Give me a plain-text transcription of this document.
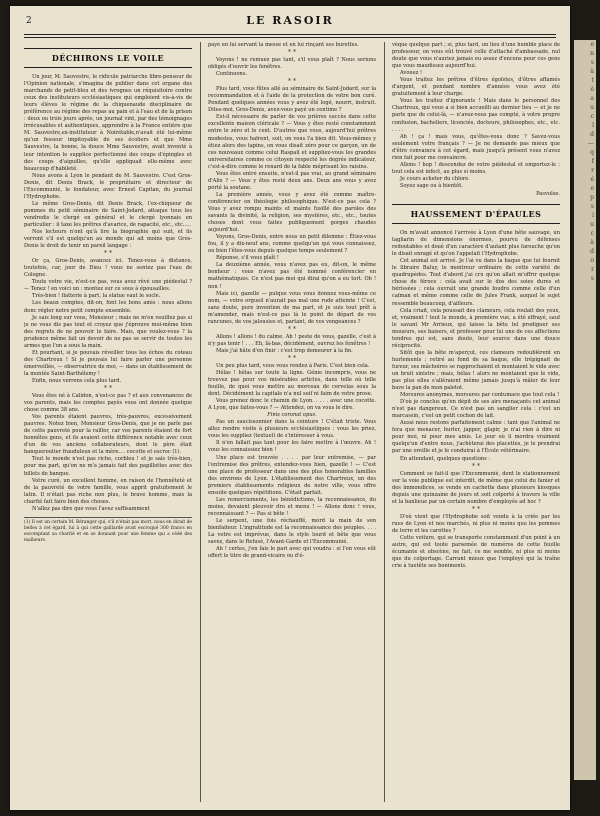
2	LE RASOIR
DÉCHIRONS LE VOILE

Un jour, M. Sauvestre, le ridicule patriarche libre-penseur de l'Opinion nationale, s'imagina de publier dans cet organe des marchands de petit-bleu et des ivrognes un réquisitoire contre ceux des instituteurs ecclésiastiques qui emploient vis-à-vis de leurs élèves le régime de la chiquenaude disciplinaire de préférence au régime des repas au pain et à l'eau et de la prison : deux ou trois jours après, un journal vint, par des témoignages irrécusables et authentiques, apprendre à la France entière que M. Sauvestre,ex-instituteur à Noirétable,n'avait été lui-même qu'un fesseur impitoyable de ses écoliers et que Mme Sauvestre, la bonne, la douce Mme Sauvestre, avait inventé à leur intention le supplice perfectionné des coups d'épingles et des coups d'aiguilles, qu'elle appliquait elle-même avec beaucoup d'habileté.

Nous avons à Lyon le pendant de M. Sauvestre. C'est Gros-Denis, dit Denis Brack, le propriétaire et directeur de l'Excommunié, le fondateur, avec Ernest Capitan, du journal l'Hydrophobe.

Le même Gros-Denis, dit Denis Brack, l'ex-chiqueur de pommes du petit séminaire de Saint-Jodard, attaque tous les vendredis le clergé en général et le clergé lyonnais en particulier : il taxe les prêtres d'avarice, de rapacité, etc., etc.....

Nos lecteurs n'ont qu'à lire la biographie qui suit, et ils verront s'il est quelqu'un au monde qui ait moins que Gros-Denis le droit de tenir un pareil langage :

* *

Or ça, Gros-Denis, avancez ici. Tenez-vous à distance, toutefois, car, jour de Dieu ! vous ne sentez pas l'eau de Cologne.

Toute votre vie, n'est-ce pas, vous avez rêvé une piédestal ? — Tenez ! en voici un : montez sur ce sous à épousailles.

Très-bien ! flatterie à part, la statue vaut le socle.

Les beaux comptes, dit-on, font les bons amis : nous allons donc régler notre petit compte ensemble.

Je sais long sur vous, Monsieur ; mais ne m'en veuillez pas si je ne vous dis pas tout et croyez que j'éprouve moi-même bien des regrets de ne pouvoir le faire. Mais, que voulez-vous ? la prudence même fait un devoir de ne pas se servir de toutes les armes que l'on a sous la main.

Et pourtant, si je pouvais réveiller tous les échos du coteau des Chartreux ! Si je pouvais lui faire parler une personne émerveillée, — observatrice de moi, — dans un établissement de la montée Saint-Barthélemy !

Enfin, nous verrons cela plus tard.

* *

Vous êtes né à Calidon, n'est-ce pas ? et aux convenances de vos parents, mais les comptes payés vous ont donnée quelque chose comme 38 ans.

Vos parents étaient pauvres, très-pauvres, excessivement pauvres. Notez bien, Monsieur Gros-Denis, que je ne parle pas de cette pauvreté pour la railler, car vos parents étaient de fort honnêtes gens, et ils avaient cette différence notable avec ceux d'un de vos anciens collaborateurs, dont le père était banqueroutier frauduleux et la mère.... cocotte et escroc (1).

Tout le monde n'est pas riche, corbleu ! et je sais très-bien, pour ma part, qu'on ne m'a jamais fait des papillottes avec des billets de banque.

Votre curé, un excellent homme, en raison de l'honnêteté et de la pauvreté de votre famille, vous apprit gratuitement le latin. Il n'était pas riche non plus, le brave homme, mais la charité fait faire bien des choses.

N'allez pas dire que vous l'avez suffisamment

(1) Il est un certain M. Béranger qui, s'il n'était pas mort, nous en dirait de belles à cet égard, lui à qui cette gaillarde avait escroqué 300 francs en escomptant sa charité et en se donnant pour une femme qui a cédé des malheurs.

payé en lui servant la messe et en lui rinçant ses burettes.

* *

Voyons ! ne remuez pas tant, s'il vous plaît ? Nous serions obligés d'ouvrir les fenêtres.

Continuons.

* *

Plus tard, vous fûtes allé au séminaire de Saint-Jodard, sur la recommandation et à l'aide de la protection de votre bon curé. Pendant quelques années vous y avez été logé, nourri, instruit. Dites-moi, Gros-Denis, avez-vous payé un centime ?

Est-il nécessaire de parler de vos prières succès dans cette excellente maison cléricale ? — Vous y êtes resté constamment entre le zéro et le cent. D'autres que vous, aujourd'hui prêtres modestes, vous haïrent, soit, on vous l'a bien dit. Vous-mêmes y étiez alors des tapins, on vous disait zéro pour ce garçon, un de ces nouveaux comme celui Raspail et suppliez-vous les grandes universitaires comme ce citoyen respecté les degrés indicateur, c'est-à-dire comme le renard de la fable méprisant les raisins.

Vous êtes entré ensuite, n'est-il pas vrai, au grand séminaire d'Alix ? — Vous y êtes resté deux ans. Deux ans vous y avez porté la soutane.

La première année, vous y avez été comme maître-conférencier en théologie philosophique. N'est-ce pas cela ? Vous y avez rompu maints et maints fusillé des paroles des savants la divinité, la religion, ses mystères, etc., etc., toutes choses dont vous faites publiquement gorges chaudes aujourd'hui.

Voyons, Gros-Denis, entre nous un petit dilemme : Étiez-vous fou, il y a dix-neuf ans, comme quelqu'un qui vous connaissez, ou bien l'êtes-vous depuis quelque temps seulement ?

Réponse, s'il vous plaît !

La deuxième année, vous n'avez pas eu, dit-on, le même bonheur : vous n'avez pas été nommé conférencier en mathématiques. Ce n'est pas moi qui dirai qu'on a eu tort. Oh ! non !

Mais ici, gazelle — pulque vous vous donnez vous-même ce nom, — votre orgueil n'aurait pas mal une rude atteinte ! C'est, sans doute, pure invention de ma part, et je suis tout prêt à m'amender, mais n'est-ce pas là le point de départ de vos rancunes, de vos jalousies et, partant, de vos vengeances ?

* *

Allons ! allons ! du calme. Ah ! peste de vous, gazelle, c'est à n'y pas tenir ! . . . Eh, là-bas, décidément, ouvrez les fenêtres !

Mais j'ai hâte d'en finir : c'est trop demeurer à la fin.

* *

Un peu plus tard, vous vous rendez à Paris. C'est bien cela.

Hélas ! hélas sur toute la ligne. Génie incompris, vous ne trouvez pas pour vos misérables articles, dans telle où telle feuille, de quoi vous mettre au morceau de cervelas sous la dent. Décidément la capitale n'a nul soif ni faim de votre prose.

Vous prenez donc le chemin de Lyon. . . . . avec une cocotte. A Lyon, que faites-vous ? — Attendez, on va vous le dire.

Finis coronat opus.

Pas un saucissonnier dans la ceinture ! C'était triste. Vous allez rendre visite à plusieurs ecclésiastiques : vous les priez, vous les suppliez (textuel) de s'intéresser à vous.

Il n'en fallait pas tant pour les faire mettre à l'œuvre. Ah ! vous les connaissiez bien !

Une place est trouvée . . . . par leur entremise, — par l'entremise des prêtres, entendez-vous bien, gazelle ! — C'est une place de professeur dans une des plus honorables familles des environs de Lyon. L'établissement des Chartreux, un des premiers établissements religieux de notre ville, vous offre ensuite quelques répétitions. C'était parfait.

Les remerciements, les bénédictions, la reconnaissance, du moins, devaient pleuvoir dru et menu ! — Allons donc ! vous, reconnaissant ? — Pas si bête !

Le serpent, une fois réchauffé, mord la main de son bienfaiteur. L'ingratitude est la reconnaissance des peuples. . . . La votre est imprévue, dans le style lourd et bête que vous savez, dans le Refusé, l'Avant-Garde et l'Excommunié.

Ah ! certes, j'en fais le pari avec qui voudra : si l'on vous eût offert le titre de grand-vicaire ou d'é-

vêque quelque part ; si, plus tard, un lieu d'une humble place de professeur, on vous eût trouvé celle d'attaché d'ambassade, nul doute que vous n'auriez jamais eu assez d'encens pour ces gens que vous maudissez aujourd'hui.

Avouez !

Vous traitez les prêtres d'êtres égoïstes, d'êtres affamés d'argent, et pendant nombre d'années vous avez été gratuitement à leur charge.

Vous les traitez d'ignorants ! Mais dans le personnel des Chartreux, qui vous a si bien accueilli au dernier lieu — et je ne parle que de celui-là, — n'avez-vous pas compté, à votre propre confusion, bacheliers, licenciés, docteurs, philosophes, etc., etc. . . . .

Ah ! ça ! mais vous, qu'êtes-vous donc ? Savez-vous seulement votre français ? — Je ne demande pas mieux que d'être convaincu à cet égard, mais jusqu'à présent vous n'avez rien fait pour me convaincre.

Allons ! hop ! descendez de votre piédestal et emportez-le : tout cela est infect, au plus si moins.

Je cours acheter du chlore.

Soyez sage ou à bientôt.

Pasvulse.

HAUSSEMENT D'ÉPAULES

On m'avait annoncé l'arrivée à Lyon d'une bête sauvage, un tagliarin de dimensions énormes, pourvu de défenses redoutables et doué d'un caractère d'autant plus farouche qu'on le disait enragé et qu'on l'appelait l'Hydrophobe.

Cet animal est arrivé. Je l'ai vu dans la baque que lui fournit le libraire Baluy, le montreur ordinaire de cette variété de quadrupèdes. Tout d'abord j'ai cru qu'on allait m'offrir quelque chose de féroce : cela avait sur le dos des soies dures et hérissées ; cela ouvrait une grande foudre comme celle d'un caïman et même comme celle de Jules Frank, auquel le sujet ressemble beaucoup, d'ailleurs.

Cela criait, cela poussait des clameurs, cela roulait des yeux, et, vraiment ! tout le monde, à première vue, a été effrayé, sauf le savant Mr Arrieux, qui laisse la bête tel prodiguer ses moueurs, ses baisers, et professer pour lui une de ces affections tendres qui est, sans doute, leur source dans une douce réciprocité.

Sitôt que la bête m'aperçut, ces clameurs redoublèrent en hurlements ; retiré au fond de sa baque, elle trépignait de fureur, ses mâchoires se rapprochaient et montaient le vide avec un bruit sinistre ; mais, hélas ! alors ne montaient que le vide, pas plus elles s'alléraient même jamais jusqu'à mâler de leur bave la pan de mon paletot.

Morsures anonymes, morsures par contumace que tout cela !

D'où je conclus qu'en dépit de ses airs menaçants cet animal n'est pas dangereux. Ce n'est pas un sanglier cela : c'est un marcassin, c'est un petit cochon de lait.

Aussi nous restons parfaitement calme : tant que l'animal ne fera que menacer, hurler, japper, glapir, je n'ai rien à dire ni pour moi, ni pour mes amis. Le jour où il mordra vraiment quelqu'un d'entre nous, j'achèterai des placettes, je le prendrai par une oreille et je le conduirai à l'École vétérinaire.

En attendant, quelques questions :

* *

Comment se fait-il que l'Excommunié, dont le stationnement sur la voie publique est interdit, de même que celui du fanier et des immondices, se vende en cachette dans plusieurs kiosques depuis une quinzaine de jours et soit colporté à travers la ville et la banlieue par un certain nombre d'employés ad hoc ?

* *

D'où vient que l'Hydrophobe soit vendu à la criée par les rues de Lyon et nos marchés, ni plus ni moins que les pommes de terre et les carottes ?

Cette voiture, qui se transporte constamment d'un point à un autre, qui est toute parsemée de numéros de cette feuille écumante et obscène, ne fait, ce me semble, ni plus ni moins que du colportage. Carrant mieux que l'employé qui la traîne crie à tuetête ses boniments.

e
n
s
à
t
é
a
u
c
l
d
—
q
f
r
é
e
p
s
i
u
c
à
d
o
r
s
